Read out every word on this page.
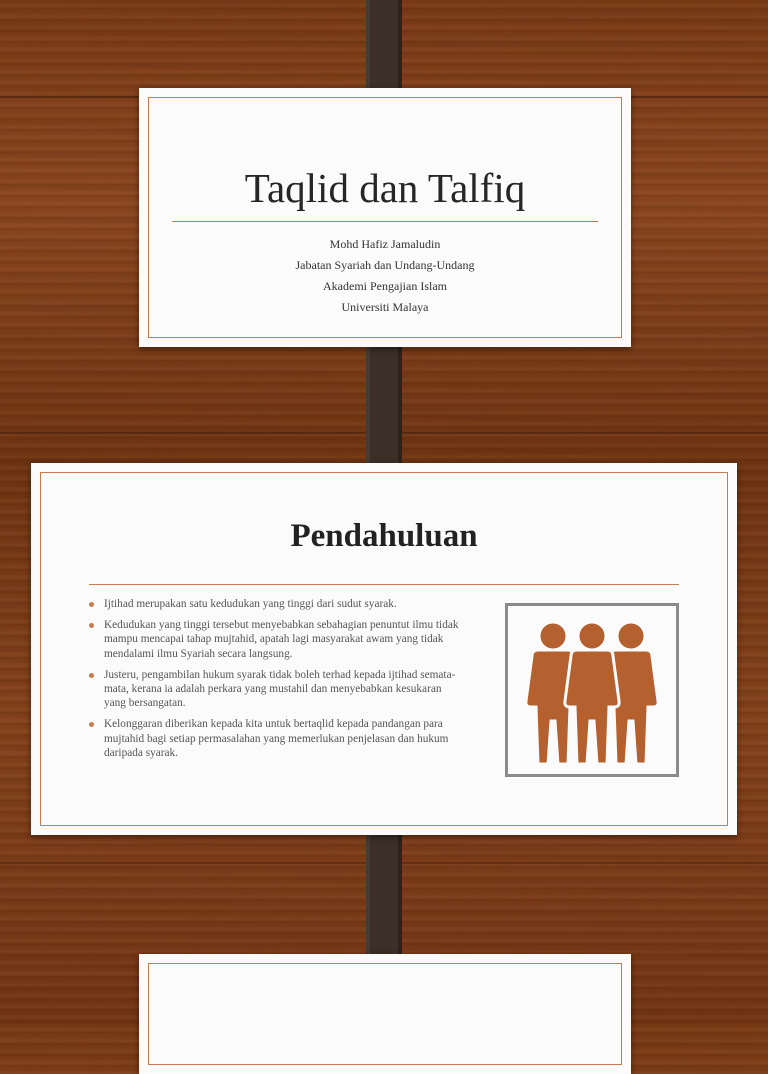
Taqlid dan Talfiq
Mohd Hafiz Jamaludin
Jabatan Syariah dan Undang-Undang
Akademi Pengajian Islam
Universiti Malaya
Pendahuluan
Ijtihad merupakan satu kedudukan yang tinggi dari sudut syarak.
Kedudukan yang tinggi tersebut menyebabkan sebahagian penuntut ilmu tidak mampu mencapai tahap mujtahid, apatah lagi masyarakat awam yang tidak mendalami ilmu Syariah secara langsung.
Justeru, pengambilan hukum syarak tidak boleh terhad kepada ijtihad semata-mata, kerana ia adalah perkara yang mustahil dan menyebabkan kesukaran yang bersangatan.
Kelonggaran diberikan kepada kita untuk bertaqlid kepada pandangan para mujtahid bagi setiap permasalahan yang memerlukan penjelasan dan hukum daripada syarak.
